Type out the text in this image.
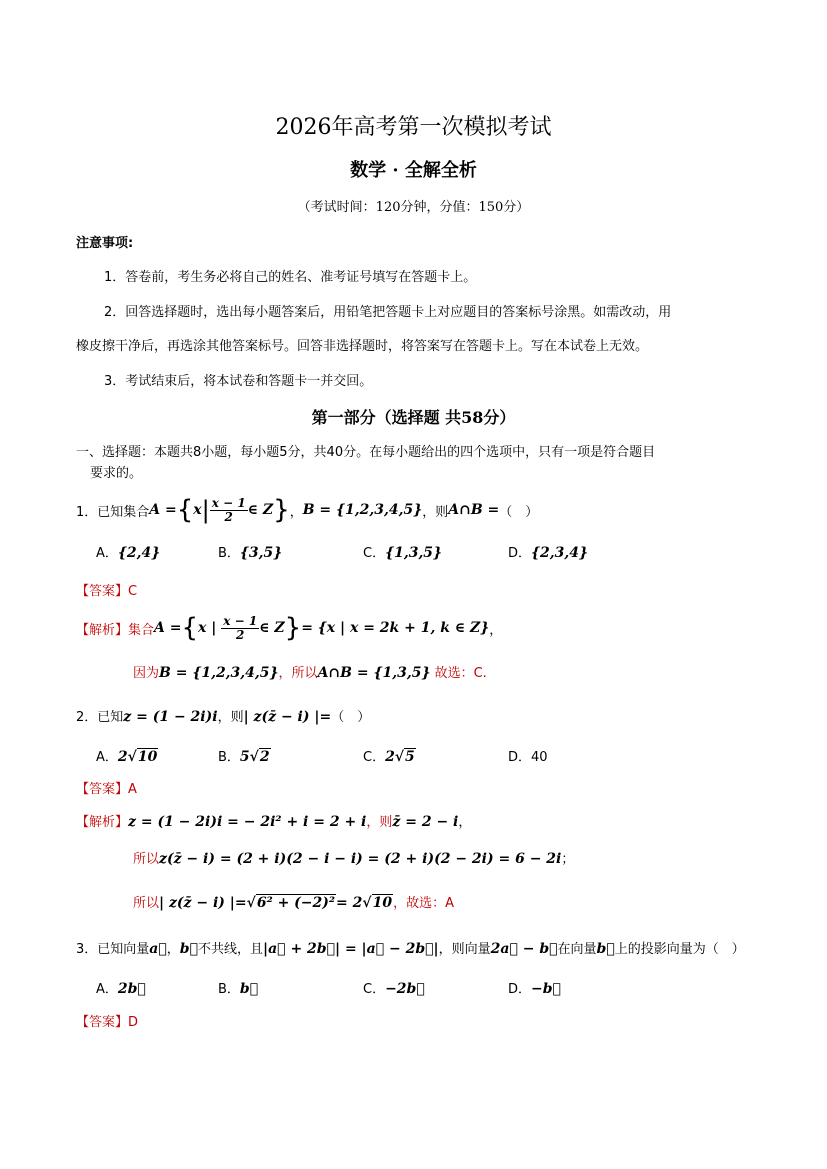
2026年高考第一次模拟考试
数学 · 全解全析
（考试时间：120分钟，分值：150分）
注意事项:
1．答卷前，考生务必将自己的姓名、准考证号填写在答题卡上。
2．回答选择题时，选出每小题答案后，用铅笔把答题卡上对应题目的答案标号涂黑。如需改动，用
橡皮擦干净后，再选涂其他答案标号。回答非选择题时，将答案写在答题卡上。写在本试卷上无效。
3．考试结束后，将本试卷和答题卡一并交回。
第一部分（选择题 共58分）
一、选择题：本题共8小题，每小题5分，共40分。在每小题给出的四个选项中，只有一项是符合题目
要求的。
1．已知集合 A = { x | $\frac{x - 1}{2}$ ∈ Z } ， B = {1,2,3,4,5} ，则 A∩B = （　）
A．{2,4}	B．{3,5}	C．{1,3,5}	D．{2,3,4}
【答案】C
【解析】 集合 A = { x | $\frac{x - 1}{2}$ ∈ Z } = {x | x = 2k + 1, k ∈ Z} ，
因为B = {1,2,3,4,5}，所以A∩B = {1,3,5} 故选：C.
2．已知z = (1 − 2i)i，则| z(z̄ − i) |=（　）
A．2√10	B．5√2	C．2√5	D．40
【答案】A
【解析】z = (1 − 2i)i = − 2i² + i = 2 + i，则z̄ = 2 − i，
所以z(z̄ − i) = (2 + i)(2 − i − i) = (2 + i)(2 − 2i) = 6 − 2i；
所以| z(z̄ − i) |=√6² + (−2)²= 2√10，故选：A
3．已知向量a⃗，b⃗不共线，且|a⃗ + 2b⃗| = |a⃗ − 2b⃗|，则向量2a⃗ − b⃗在向量b⃗上的投影向量为（　）
A．2b⃗	B．b⃗	C．−2b⃗	D．−b⃗
【答案】D
